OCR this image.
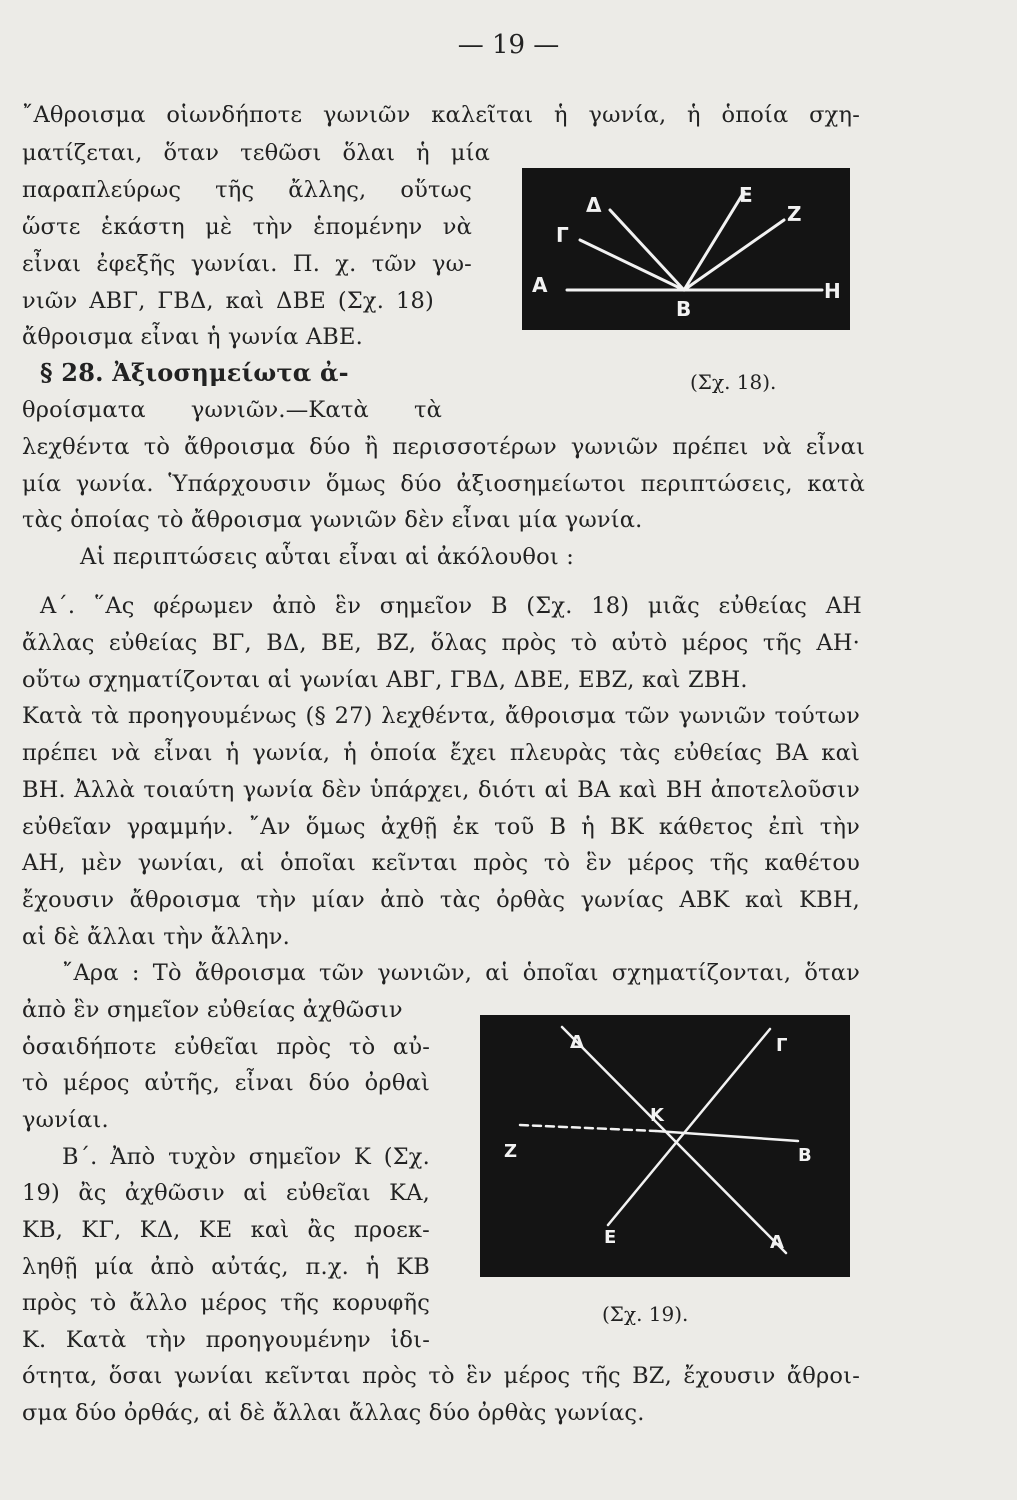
— 19 —
῎Αθροισμα οἱωνδήποτε γωνιῶν καλεῖται ἡ γωνία, ἡ ὁποία σχη-
ματίζεται, ὅταν τεθῶσι ὅλαι ἡ μία
παραπλεύρως τῆς ἄλλης, οὕτως
ὥστε ἑκάστη μὲ τὴν ἑπομένην νὰ
εἶναι ἐφεξῆς γωνίαι. Π. χ. τῶν γω-
νιῶν ΑΒΓ, ΓΒΔ, καὶ ΔΒΕ (Σχ. 18)
ἄθροισμα εἶναι ἡ γωνία ΑΒΕ.
§ 28. Ἀξιοσημείωτα ἀ-
θροίσματα γωνιῶν.—Κατὰ τὰ
λεχθέντα τὸ ἄθροισμα δύο ἢ περισσοτέρων γωνιῶν πρέπει νὰ εἶναι
μία γωνία. Ὑπάρχουσιν ὅμως δύο ἀξιοσημείωτοι περιπτώσεις, κατὰ
τὰς ὁποίας τὸ ἄθροισμα γωνιῶν δὲν εἶναι μία γωνία.
Αἱ περιπτώσεις αὗται εἶναι αἱ ἀκόλουθοι :
Α΄. ῞Ας φέρωμεν ἀπὸ ἓν σημεῖον Β (Σχ. 18) μιᾶς εὐθείας ΑΗ
ἄλλας εὐθείας ΒΓ, ΒΔ, ΒΕ, ΒΖ, ὅλας πρὸς τὸ αὐτὸ μέρος τῆς ΑΗ·
οὕτω σχηματίζονται αἱ γωνίαι ΑΒΓ, ΓΒΔ, ΔΒΕ, ΕΒΖ, καὶ ΖΒΗ.
Κατὰ τὰ προηγουμένως (§ 27) λεχθέντα, ἄθροισμα τῶν γωνιῶν τούτων
πρέπει νὰ εἶναι ἡ γωνία, ἡ ὁποία ἔχει πλευρὰς τὰς εὐθείας ΒΑ καὶ
ΒΗ. Ἀλλὰ τοιαύτη γωνία δὲν ὑπάρχει, διότι αἱ ΒΑ καὶ ΒΗ ἀποτελοῦσιν
εὐθεῖαν γραμμήν. ῎Αν ὅμως ἀχθῇ ἐκ τοῦ Β ἡ ΒΚ κάθετος ἐπὶ τὴν
ΑΗ, μὲν γωνίαι, αἱ ὁποῖαι κεῖνται πρὸς τὸ ἓν μέρος τῆς καθέτου
ἔχουσιν ἄθροισμα τὴν μίαν ἀπὸ τὰς ὀρθὰς γωνίας ΑΒΚ καὶ ΚΒΗ,
αἱ δὲ ἄλλαι τὴν ἄλλην.
῎Αρα : Τὸ ἄθροισμα τῶν γωνιῶν, αἱ ὁποῖαι σχηματίζονται, ὅταν
ἀπὸ ἓν σημεῖον εὐθείας ἀχθῶσιν
ὁσαιδήποτε εὐθεῖαι πρὸς τὸ αὐ-
τὸ μέρος αὐτῆς, εἶναι δύο ὀρθαὶ
γωνίαι.
Β΄. Ἀπὸ τυχὸν σημεῖον Κ (Σχ.
19) ἂς ἀχθῶσιν αἱ εὐθεῖαι ΚΑ,
ΚΒ, ΚΓ, ΚΔ, ΚΕ καὶ ἂς προεκ-
ληθῇ μία ἀπὸ αὐτάς, π.χ. ἡ ΚΒ
πρὸς τὸ ἄλλο μέρος τῆς κορυφῆς
Κ. Κατὰ τὴν προηγουμένην ἰδι-
ότητα, ὅσαι γωνίαι κεῖνται πρὸς τὸ ἓν μέρος τῆς ΒΖ, ἔχουσιν ἄθροι-
σμα δύο ὀρθάς, αἱ δὲ ἄλλαι ἄλλας δύο ὀρθὰς γωνίας.
Α
Β
Γ
Δ	Ε
Ζ
Η
(Σχ. 18).
Δ	Γ
Κ
Ζ	Β
Ε	Α
(Σχ. 19).
